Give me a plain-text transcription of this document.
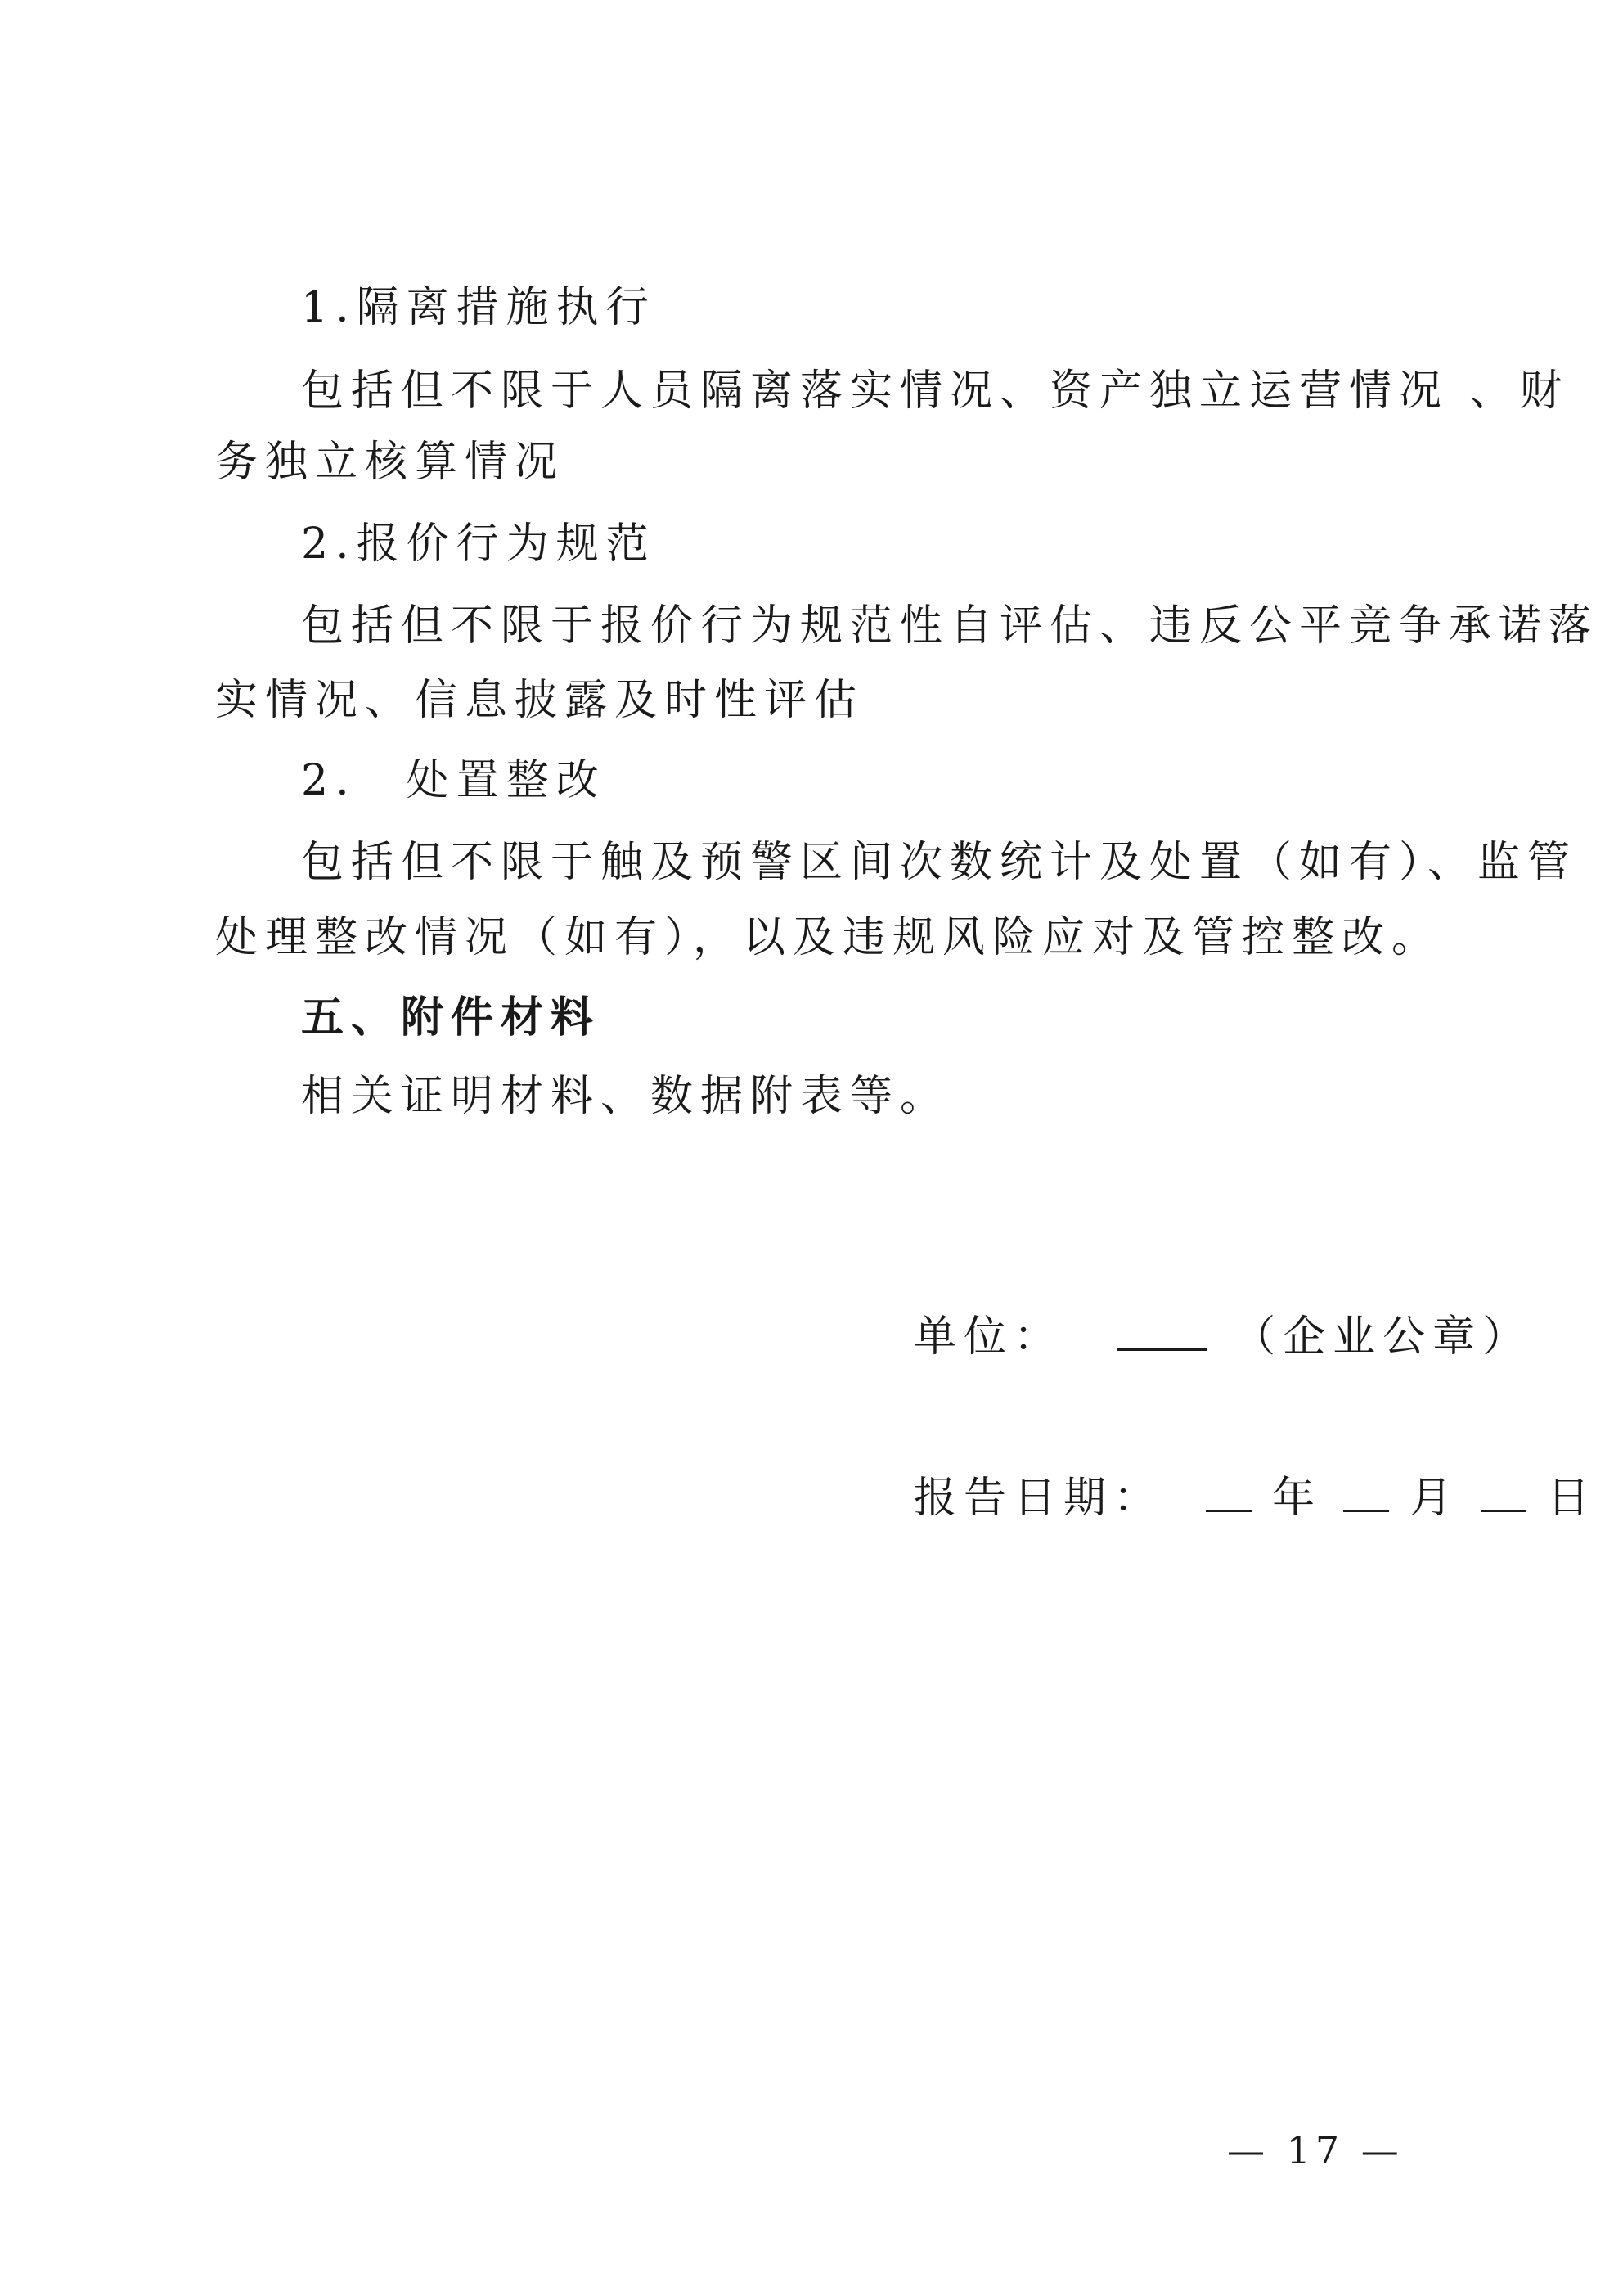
1.隔离措施执行
包括但不限于人员隔离落实情况、资产独立运营情况 、财
务独立核算情况
2.报价行为规范
包括但不限于报价行为规范性自评估、违反公平竞争承诺落
实情况、信息披露及时性评估
2.　处置整改
包括但不限于触及预警区间次数统计及处置（如有）、监管
处理整改情况（如有），以及违规风险应对及管控整改。
五、附件材料
相关证明材料、数据附表等。
单位：	（企业公章）
报告日期：	年 月 日
— 17 —
